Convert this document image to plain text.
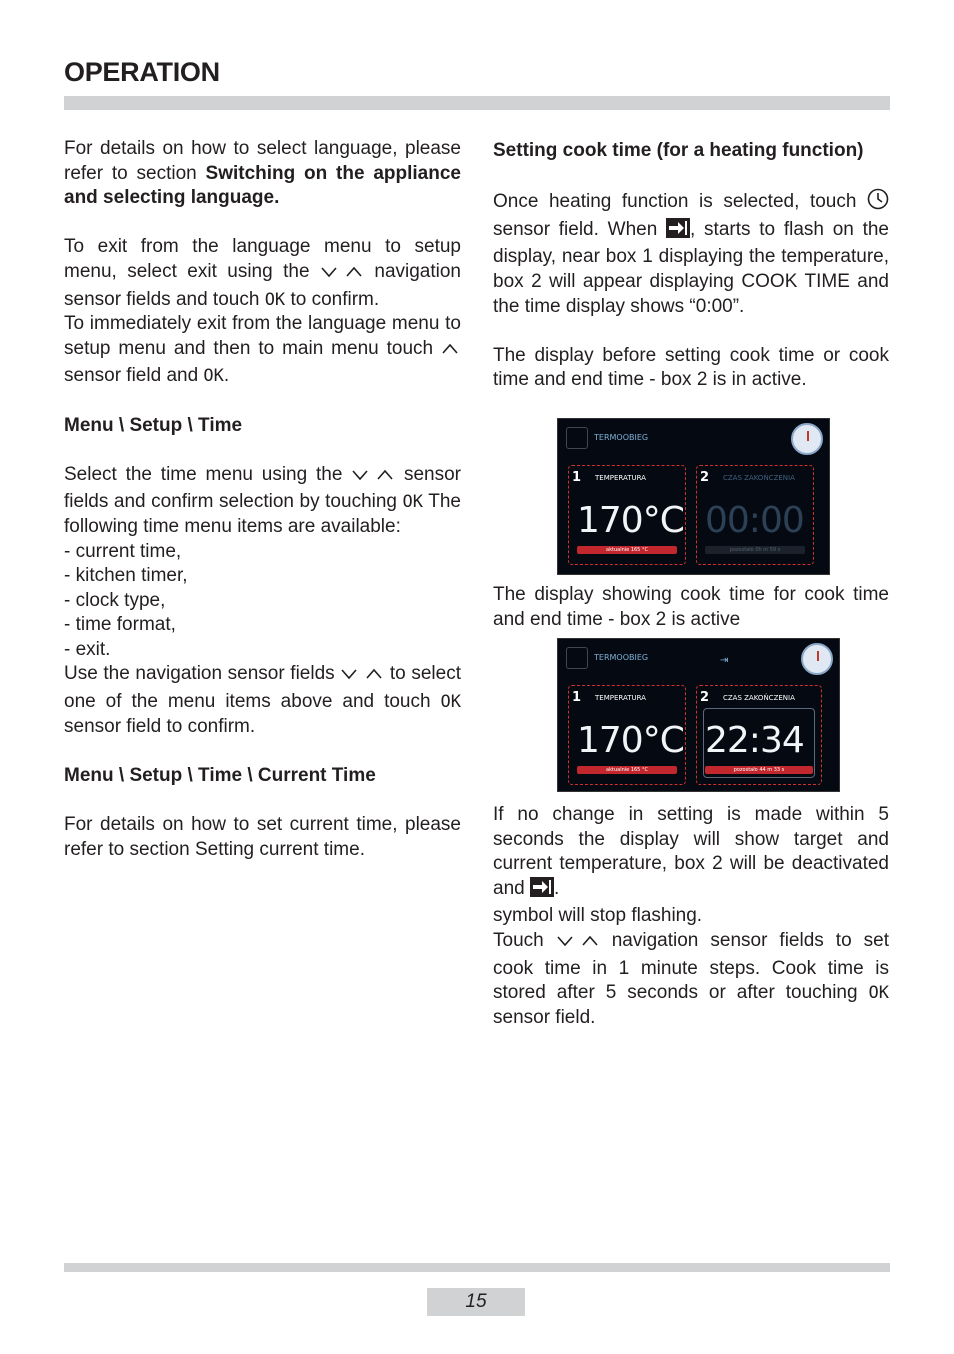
OPERATION

For details on how to select language, please refer to section Switching on the appliance and selecting language.

To exit from the language menu to setup menu, select exit using the  navigation sensor fields and touch OK to confirm.

To immediately exit from the language menu to setup menu and then to main menu touch  sensor field and OK.

Menu \ Setup \ Time

Select the time menu using the  sensor fields and confirm selection by touching OK The following time menu items are available:

- current time,

- kitchen timer,

- clock type,

- time format,

- exit.

Use the navigation sensor fields  to select one of the menu items above and touch OK sensor field to confirm.

Menu \ Setup \ Time \ Current Time

For details on how to set current time, please refer to section Setting current time.

Setting cook time (for a heating function)

Once heating function is selected, touch  sensor field. When , starts to flash on the display, near box 1 displaying the temperature, box 2 will appear displaying COOK TIME and the time display shows “0:00”.

The display before setting cook time or cook time and end time - box 2 is in active.

TERMOOBIEG
1 TEMPERATURA
170°C
aktualnie 165 °C
2 CZAS ZAKOŃCZENIA
00:00
pozostało 0h m 59 s

The display showing cook time for cook time and end time - box 2 is active

TERMOOBIEG	⇥
1 TEMPERATURA
170°C
aktualnie 165 °C
2 CZAS ZAKOŃCZENIA
22:34
pozostało 44 m 33 s

If no change in setting is made within 5 seconds the display will show target and current temperature, box 2 will be deactivated and .

symbol will stop flashing.

Touch  navigation sensor fields to set cook time in 1 minute steps. Cook time is stored after 5 seconds or after touching OK sensor field.

15
